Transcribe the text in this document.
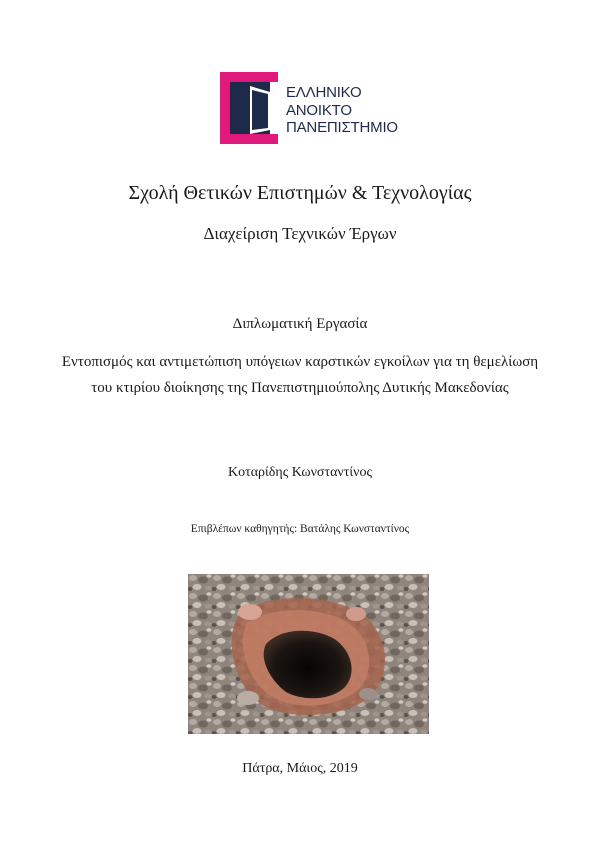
ΕΛΛΗΝΙΚΟ
ΑΝΟΙΚΤΟ
ΠΑΝΕΠΙΣΤΗΜΙΟ
Σχολή Θετικών Επιστημών & Τεχνολογίας
Διαχείριση Τεχνικών Έργων
Διπλωματική Εργασία
Εντοπισμός και αντιμετώπιση υπόγειων καρστικών εγκοίλων για τη θεμελίωση του κτιρίου διοίκησης της Πανεπιστημιούπολης Δυτικής Μακεδονίας
Κοταρίδης Κωνσταντίνος
Επιβλέπων καθηγητής: Βατάλης Κωνσταντίνος
Πάτρα, Μάιος, 2019
